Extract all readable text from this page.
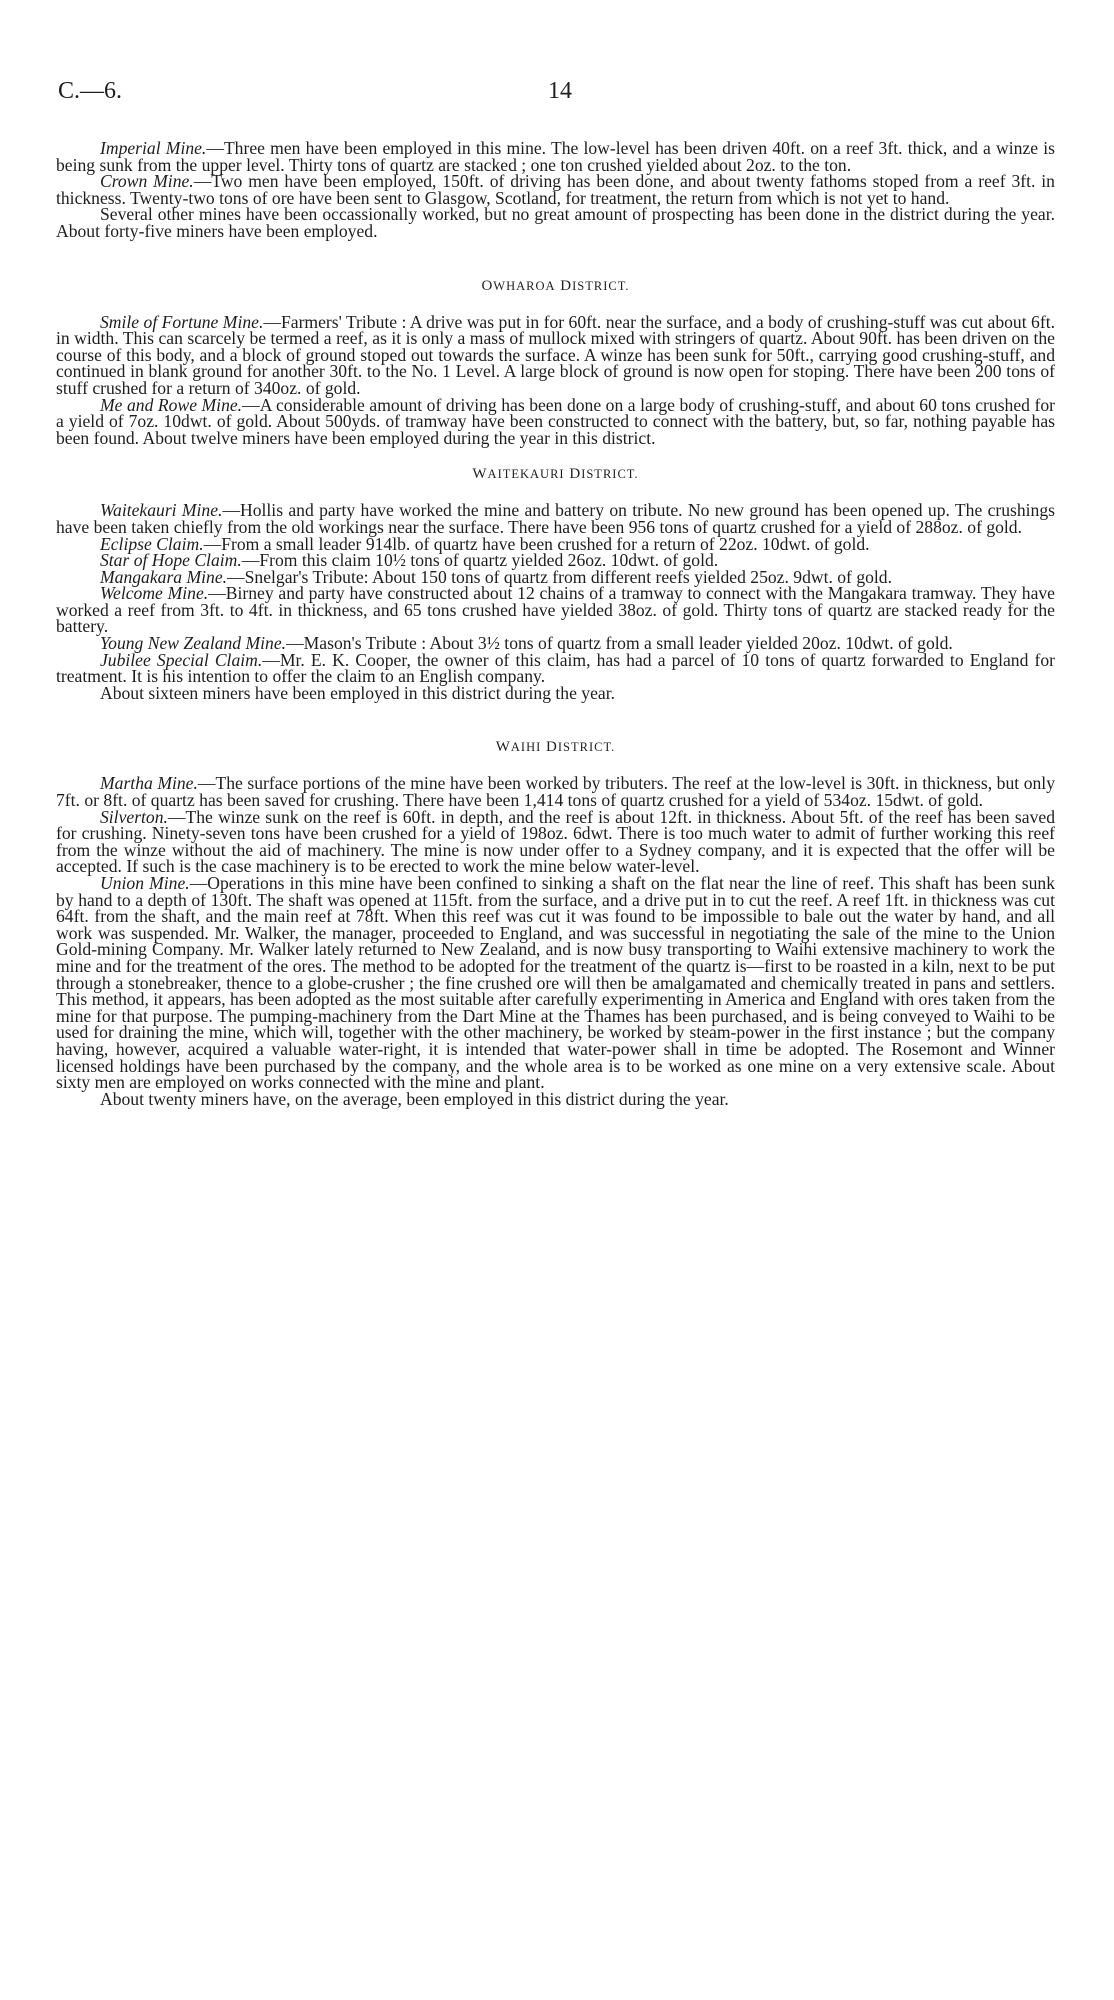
C.—6.	14

Imperial Mine.—Three men have been employed in this mine. The low-level has been driven 40ft. on a reef 3ft. thick, and a winze is being sunk from the upper level. Thirty tons of quartz are stacked ; one ton crushed yielded about 2oz. to the ton.

Crown Mine.—Two men have been employed, 150ft. of driving has been done, and about twenty fathoms stoped from a reef 3ft. in thickness. Twenty-two tons of ore have been sent to Glasgow, Scotland, for treatment, the return from which is not yet to hand.

Several other mines have been occassionally worked, but no great amount of prospecting has been done in the district during the year. About forty-five miners have been employed.

OWHAROA DISTRICT.

Smile of Fortune Mine.—Farmers' Tribute : A drive was put in for 60ft. near the surface, and a body of crushing-stuff was cut about 6ft. in width. This can scarcely be termed a reef, as it is only a mass of mullock mixed with stringers of quartz. About 90ft. has been driven on the course of this body, and a block of ground stoped out towards the surface. A winze has been sunk for 50ft., carrying good crushing-stuff, and continued in blank ground for another 30ft. to the No. 1 Level. A large block of ground is now open for stoping. There have been 200 tons of stuff crushed for a return of 340oz. of gold.

Me and Rowe Mine.—A considerable amount of driving has been done on a large body of crushing-stuff, and about 60 tons crushed for a yield of 7oz. 10dwt. of gold. About 500yds. of tramway have been constructed to connect with the battery, but, so far, nothing payable has been found. About twelve miners have been employed during the year in this district.

WAITEKAURI DISTRICT.

Waitekauri Mine.—Hollis and party have worked the mine and battery on tribute. No new ground has been opened up. The crushings have been taken chiefly from the old workings near the surface. There have been 956 tons of quartz crushed for a yield of 288oz. of gold.

Eclipse Claim.—From a small leader 914lb. of quartz have been crushed for a return of 22oz. 10dwt. of gold.

Star of Hope Claim.—From this claim 10½ tons of quartz yielded 26oz. 10dwt. of gold.

Mangakara Mine.—Snelgar's Tribute: About 150 tons of quartz from different reefs yielded 25oz. 9dwt. of gold.

Welcome Mine.—Birney and party have constructed about 12 chains of a tramway to connect with the Mangakara tramway. They have worked a reef from 3ft. to 4ft. in thickness, and 65 tons crushed have yielded 38oz. of gold. Thirty tons of quartz are stacked ready for the battery.

Young New Zealand Mine.—Mason's Tribute : About 3½ tons of quartz from a small leader yielded 20oz. 10dwt. of gold.

Jubilee Special Claim.—Mr. E. K. Cooper, the owner of this claim, has had a parcel of 10 tons of quartz forwarded to England for treatment. It is his intention to offer the claim to an English company.

About sixteen miners have been employed in this district during the year.

WAIHI DISTRICT.

Martha Mine.—The surface portions of the mine have been worked by tributers. The reef at the low-level is 30ft. in thickness, but only 7ft. or 8ft. of quartz has been saved for crushing. There have been 1,414 tons of quartz crushed for a yield of 534oz. 15dwt. of gold.

Silverton.—The winze sunk on the reef is 60ft. in depth, and the reef is about 12ft. in thickness. About 5ft. of the reef has been saved for crushing. Ninety-seven tons have been crushed for a yield of 198oz. 6dwt. There is too much water to admit of further working this reef from the winze without the aid of machinery. The mine is now under offer to a Sydney company, and it is expected that the offer will be accepted. If such is the case machinery is to be erected to work the mine below water-level.

Union Mine.—Operations in this mine have been confined to sinking a shaft on the flat near the line of reef. This shaft has been sunk by hand to a depth of 130ft. The shaft was opened at 115ft. from the surface, and a drive put in to cut the reef. A reef 1ft. in thickness was cut 64ft. from the shaft, and the main reef at 78ft. When this reef was cut it was found to be impossible to bale out the water by hand, and all work was suspended. Mr. Walker, the manager, proceeded to England, and was successful in negotiating the sale of the mine to the Union Gold-mining Company. Mr. Walker lately returned to New Zealand, and is now busy transporting to Waihi extensive machinery to work the mine and for the treatment of the ores. The method to be adopted for the treatment of the quartz is—first to be roasted in a kiln, next to be put through a stonebreaker, thence to a globe-crusher ; the fine crushed ore will then be amalgamated and chemically treated in pans and settlers. This method, it appears, has been adopted as the most suitable after carefully experimenting in America and England with ores taken from the mine for that purpose. The pumping-machinery from the Dart Mine at the Thames has been purchased, and is being conveyed to Waihi to be used for draining the mine, which will, together with the other machinery, be worked by steam-power in the first instance ; but the company having, however, acquired a valuable water-right, it is intended that water-power shall in time be adopted. The Rosemont and Winner licensed holdings have been purchased by the company, and the whole area is to be worked as one mine on a very extensive scale. About sixty men are employed on works connected with the mine and plant.

About twenty miners have, on the average, been employed in this district during the year.
